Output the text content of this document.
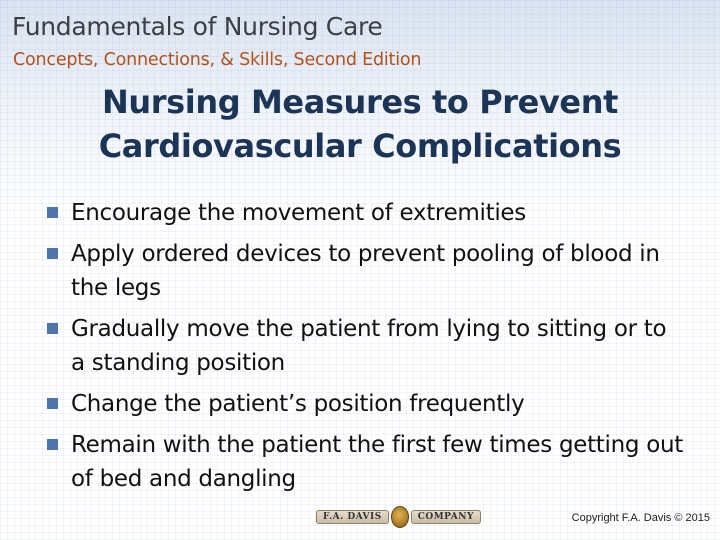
Fundamentals of Nursing Care
Concepts, Connections, & Skills, Second Edition
Nursing Measures to Prevent
Cardiovascular Complications
Encourage the movement of extremities
Apply ordered devices to prevent pooling of blood in the legs
Gradually move the patient from lying to sitting or to a standing position
Change the patient’s position frequently
Remain with the patient the first few times getting out of bed and dangling
F.A. DAVIS	COMPANY	Copyright F.A. Davis © 2015
